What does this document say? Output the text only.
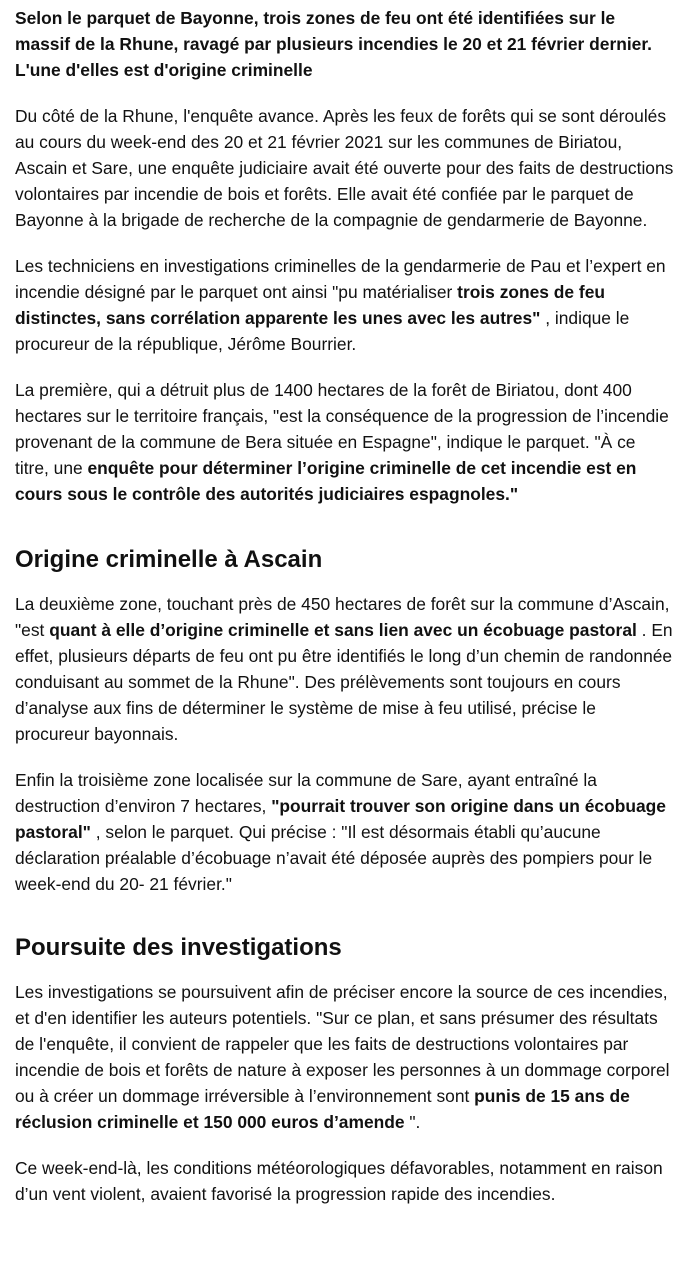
Selon le parquet de Bayonne, trois zones de feu ont été identifiées sur le massif de la Rhune, ravagé par plusieurs incendies le 20 et 21 février dernier. L'une d'elles est d'origine criminelle

Du côté de la Rhune, l'enquête avance. Après les feux de forêts qui se sont déroulés au cours du week-end des 20 et 21 février 2021 sur les communes de Biriatou, Ascain et Sare, une enquête judiciaire avait été ouverte pour des faits de destructions volontaires par incendie de bois et forêts. Elle avait été confiée par le parquet de Bayonne à la brigade de recherche de la compagnie de gendarmerie de Bayonne.

Les techniciens en investigations criminelles de la gendarmerie de Pau et l’expert en incendie désigné par le parquet ont ainsi "pu matérialiser trois zones de feu distinctes, sans corrélation apparente les unes avec les autres" , indique le procureur de la république, Jérôme Bourrier.

La première, qui a détruit plus de 1400 hectares de la forêt de Biriatou, dont 400 hectares sur le territoire français, "est la conséquence de la progression de l’incendie provenant de la commune de Bera située en Espagne", indique le parquet. "À ce titre, une enquête pour déterminer l’origine criminelle de cet incendie est en cours sous le contrôle des autorités judiciaires espagnoles."

Origine criminelle à Ascain

La deuxième zone, touchant près de 450 hectares de forêt sur la commune d’Ascain, "est quant à elle d’origine criminelle et sans lien avec un écobuage pastoral . En effet, plusieurs départs de feu ont pu être identifiés le long d’un chemin de randonnée conduisant au sommet de la Rhune". Des prélèvements sont toujours en cours d’analyse aux fins de déterminer le système de mise à feu utilisé, précise le procureur bayonnais.

Enfin la troisième zone localisée sur la commune de Sare, ayant entraîné la destruction d’environ 7 hectares, "pourrait trouver son origine dans un écobuage pastoral" , selon le parquet. Qui précise : "Il est désormais établi qu’aucune déclaration préalable d’écobuage n’avait été déposée auprès des pompiers pour le week-end du 20- 21 février."

Poursuite des investigations

Les investigations se poursuivent afin de préciser encore la source de ces incendies, et d'en identifier les auteurs potentiels. "Sur ce plan, et sans présumer des résultats de l'enquête, il convient de rappeler que les faits de destructions volontaires par incendie de bois et forêts de nature à exposer les personnes à un dommage corporel ou à créer un dommage irréversible à l’environnement sont punis de 15 ans de réclusion criminelle et 150 000 euros d’amende ".

Ce week-end-là, les conditions météorologiques défavorables, notamment en raison d’un vent violent, avaient favorisé la progression rapide des incendies.
